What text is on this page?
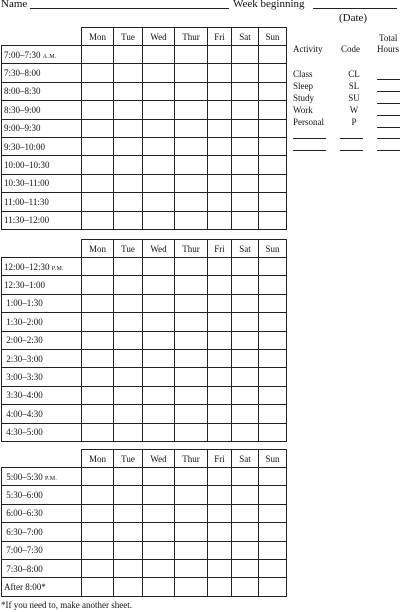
Name	Week beginning
(Date)
	Mon	Tue	Wed	Thur	Fri	Sat	Sun
7:00–7:30 A.M.							
7:30–8:00							
8:00–8:30							
8:30–9:00							
9:00–9:30							
9:30–10:00							
10:00–10:30							
10:30–11:00							
11:00–11:30							
11:30–12:00							
	Mon	Tue	Wed	Thur	Fri	Sat	Sun
12:00–12:30 P.M.							
12:30–1:00							
1:00–1:30							
1:30–2:00							
2:00–2:30							
2:30–3:00							
3:00–3:30							
3:30–4:00							
4:00–4:30							
4:30–5:00							
	Mon	Tue	Wed	Thur	Fri	Sat	Sun
5:00–5:30 P.M.							
5:30–6:00							
6:00–6:30							
6:30–7:00							
7:00–7:30							
7:30–8:00							
After 8:00*							
Activity Code
Total
Hours
Class	CL
Sleep	SL
Study	SU
Work	W
Personal	P
*If you need to, make another sheet.
